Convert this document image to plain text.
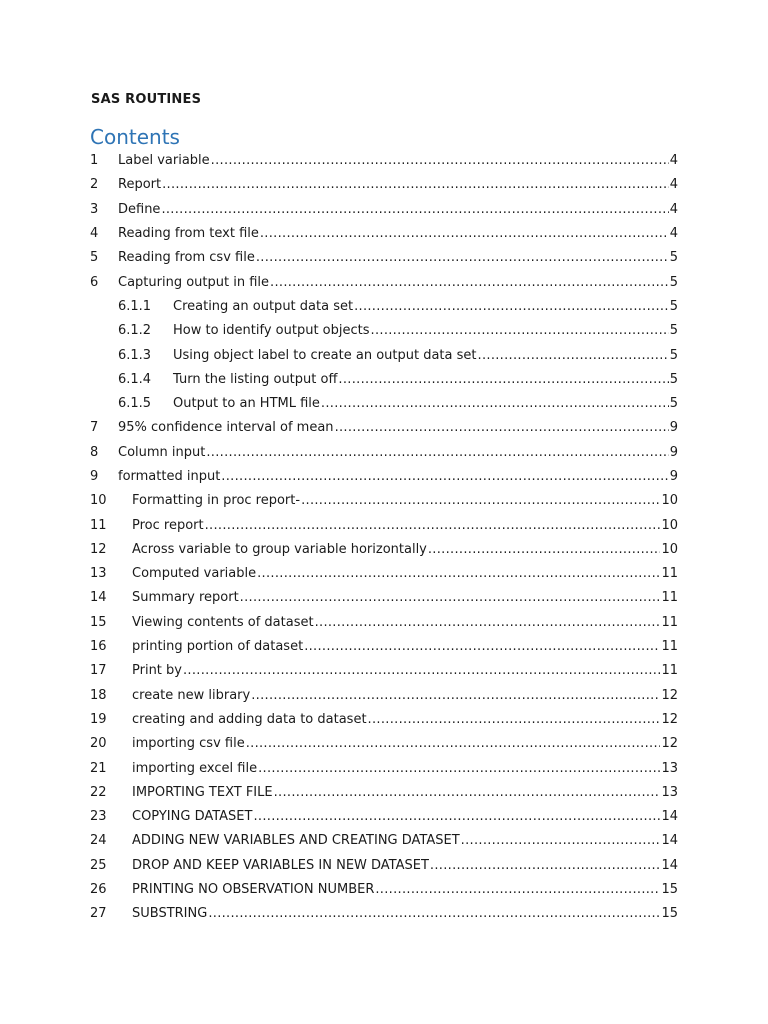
SAS ROUTINES
Contents
1	Label variable .....	4
2	Report .....	4
3	Define .....	4
4	Reading from text file .....	4
5	Reading from csv file .....	5
6	Capturing output in file .....	5
6.1.1	Creating an output data set .....	5
6.1.2	How to identify output objects .....	5
6.1.3	Using object label to create an output data set .....	5
6.1.4	Turn the listing output off .....	5
6.1.5	Output to an HTML file .....	5
7	95% confidence interval of mean .....	9
8	Column input .....	9
9	formatted input .....	9
10	Formatting in proc report- .....	10
11	Proc report .....	10
12	Across variable to group variable horizontally .....	10
13	Computed variable .....	11
14	Summary report .....	11
15	Viewing contents of dataset .....	11
16	printing portion of dataset .....	11
17	Print by .....	11
18	create new library .....	12
19	creating and adding data to dataset .....	12
20	importing csv file .....	12
21	importing excel file .....	13
22	IMPORTING TEXT FILE .....	13
23	COPYING DATASET .....	14
24	ADDING NEW VARIABLES AND CREATING DATASET .....	14
25	DROP AND KEEP VARIABLES IN NEW DATASET .....	14
26	PRINTING NO OBSERVATION NUMBER .....	15
27	SUBSTRING .....	15
